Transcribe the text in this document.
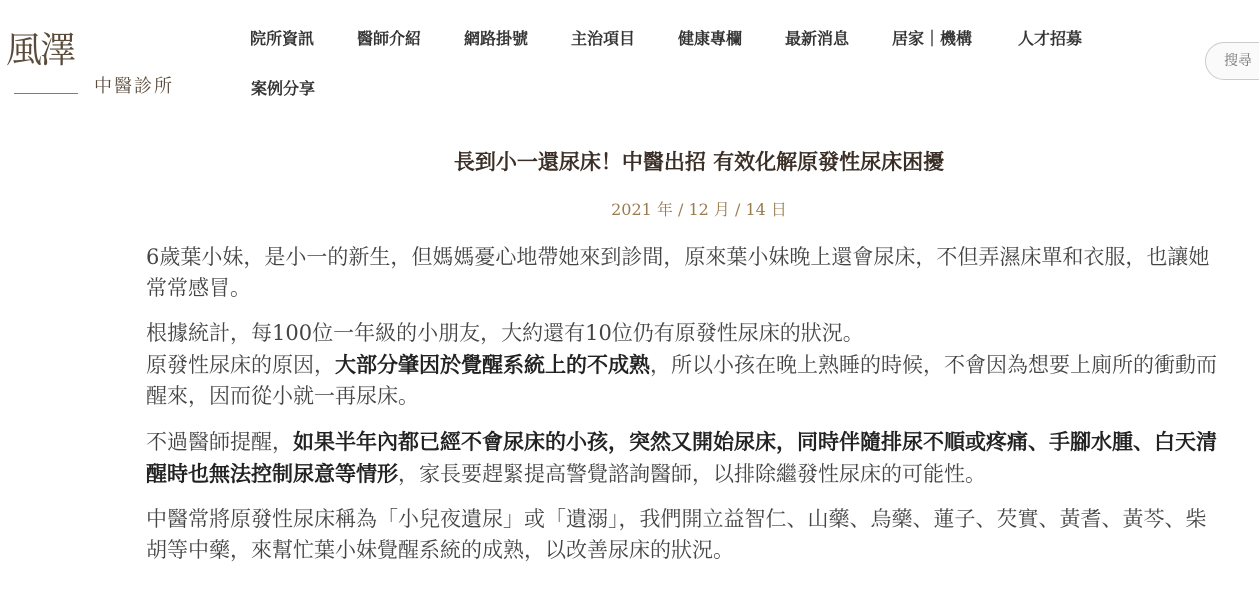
風澤
中醫診所
院所資訊	醫師介紹	網路掛號	主治項目	健康專欄	最新消息	居家｜機構	人才招募
案例分享
搜尋
長到小一還尿床！中醫出招 有效化解原發性尿床困擾
2021 年 / 12 月 / 14 日

6歲葉小妹，是小一的新生，但媽媽憂心地帶她來到診間，原來葉小妹晚上還會尿床，不但弄濕床單和衣服，也讓她常常感冒。

根據統計，每100位一年級的小朋友，大約還有10位仍有原發性尿床的狀況。
原發性尿床的原因，大部分肇因於覺醒系統上的不成熟，所以小孩在晚上熟睡的時候，不會因為想要上廁所的衝動而醒來，因而從小就一再尿床。

不過醫師提醒，如果半年內都已經不會尿床的小孩，突然又開始尿床，同時伴隨排尿不順或疼痛、手腳水腫、白天清醒時也無法控制尿意等情形，家長要趕緊提高警覺諮詢醫師，以排除繼發性尿床的可能性。

中醫常將原發性尿床稱為「小兒夜遺尿」或「遺溺」，我們開立益智仁、山藥、烏藥、蓮子、芡實、黃耆、黃芩、柴胡等中藥，來幫忙葉小妹覺醒系統的成熟，以改善尿床的狀況。
